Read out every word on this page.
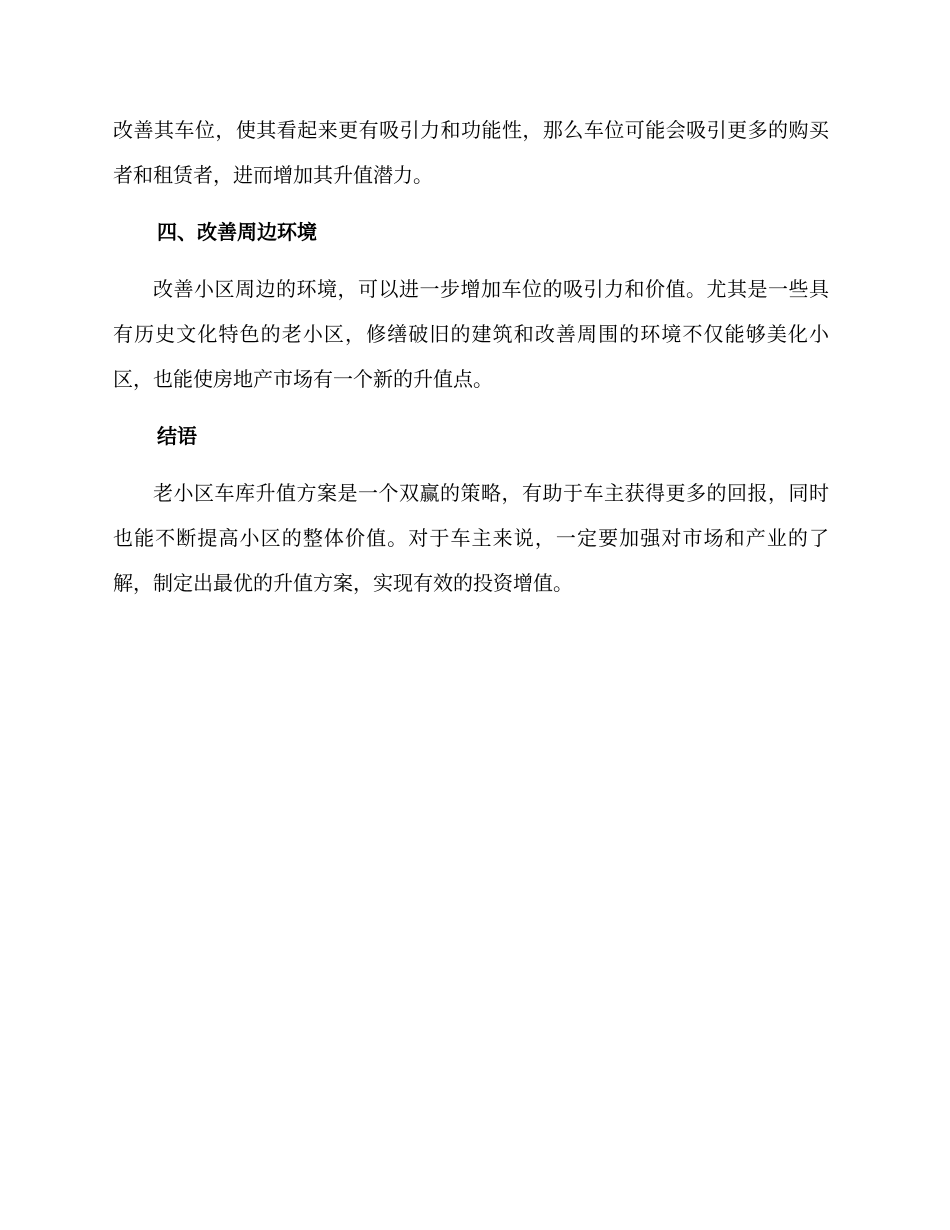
改善其车位，使其看起来更有吸引力和功能性，那么车位可能会吸引更多的购买者和租赁者，进而增加其升值潜力。

四、改善周边环境

改善小区周边的环境，可以进一步增加车位的吸引力和价值。尤其是一些具有历史文化特色的老小区，修缮破旧的建筑和改善周围的环境不仅能够美化小区，也能使房地产市场有一个新的升值点。

结语

老小区车库升值方案是一个双赢的策略，有助于车主获得更多的回报，同时也能不断提高小区的整体价值。对于车主来说，一定要加强对市场和产业的了解，制定出最优的升值方案，实现有效的投资增值。
